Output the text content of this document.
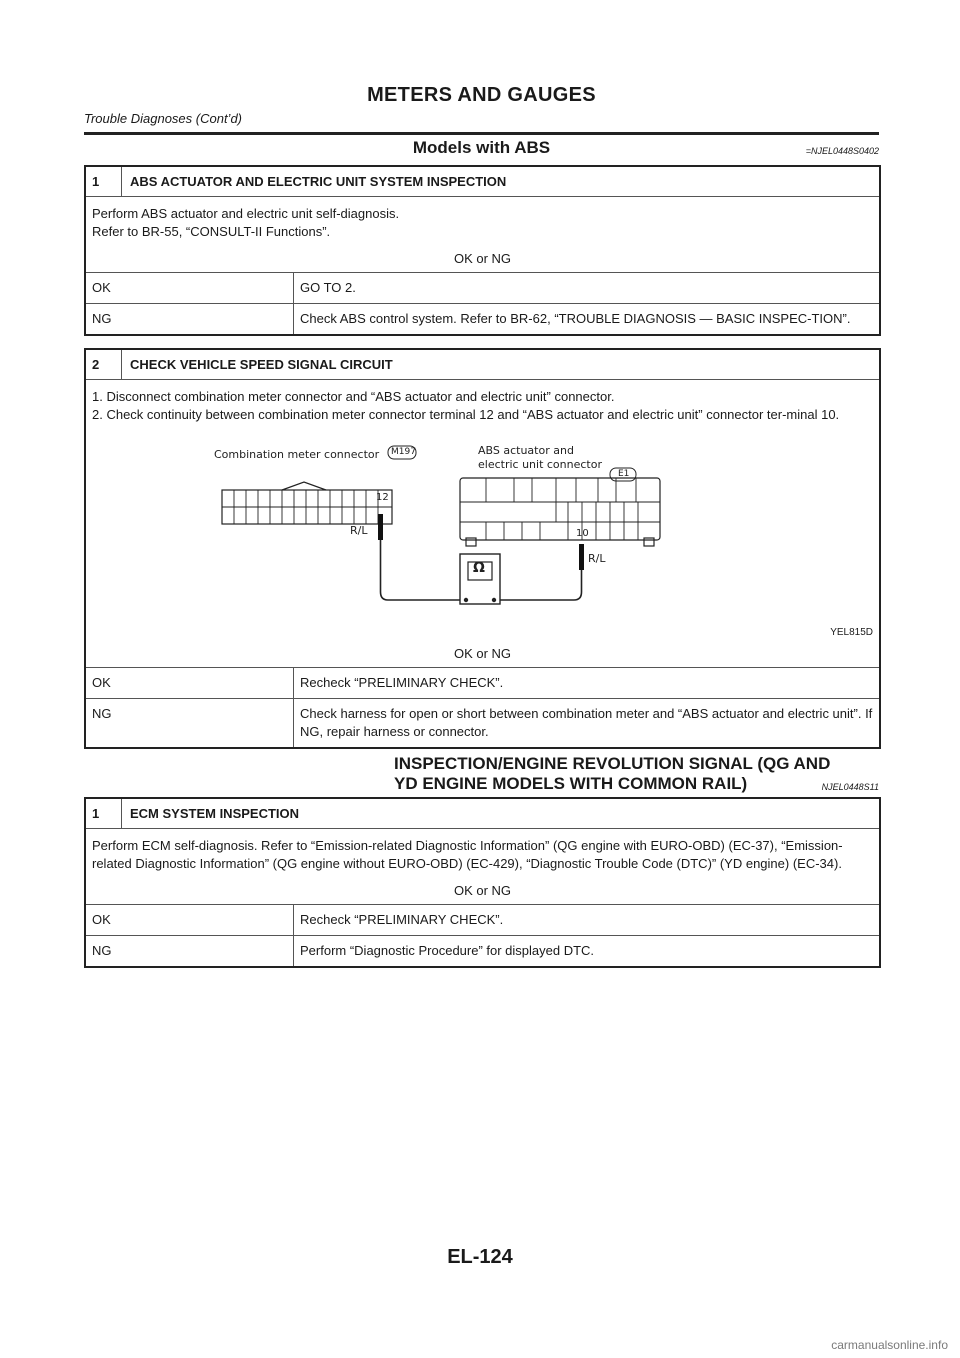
METERS AND GAUGES
Trouble Diagnoses (Cont’d)
Models with ABS	=NJEL0448S0402
1	ABS ACTUATOR AND ELECTRIC UNIT SYSTEM INSPECTION

Perform ABS actuator and electric unit self-diagnosis.

Refer to BR-55, “CONSULT-II Functions”.

OK or NG
OK	GO TO 2.
NG	Check ABS control system. Refer to BR-62, “TROUBLE DIAGNOSIS — BASIC INSPEC-TION”.
2	CHECK VEHICLE SPEED SIGNAL CIRCUIT

1. Disconnect combination meter connector and “ABS actuator and electric unit” connector.

2. Check continuity between combination meter connector terminal 12 and “ABS actuator and electric unit” connector ter-minal 10.

Combination meter connector M197	ABS actuator and
electric unit connector
E1
12
10
R/L
R/L
Ω
YEL815D
OK or NG
OK	Recheck “PRELIMINARY CHECK”.
NG	Check harness for open or short between combination meter and “ABS actuator and electric unit”. If NG, repair harness or connector.
INSPECTION/ENGINE REVOLUTION SIGNAL (QG AND
YD ENGINE MODELS WITH COMMON RAIL)	NJEL0448S11
1	ECM SYSTEM INSPECTION

Perform ECM self-diagnosis. Refer to “Emission-related Diagnostic Information” (QG engine with EURO-OBD) (EC-37), “Emission-related Diagnostic Information” (QG engine without EURO-OBD) (EC-429), “Diagnostic Trouble Code (DTC)” (YD engine) (EC-34).

OK or NG
OK	Recheck “PRELIMINARY CHECK”.
NG	Perform “Diagnostic Procedure” for displayed DTC.
EL-124
carmanualsonline.info
